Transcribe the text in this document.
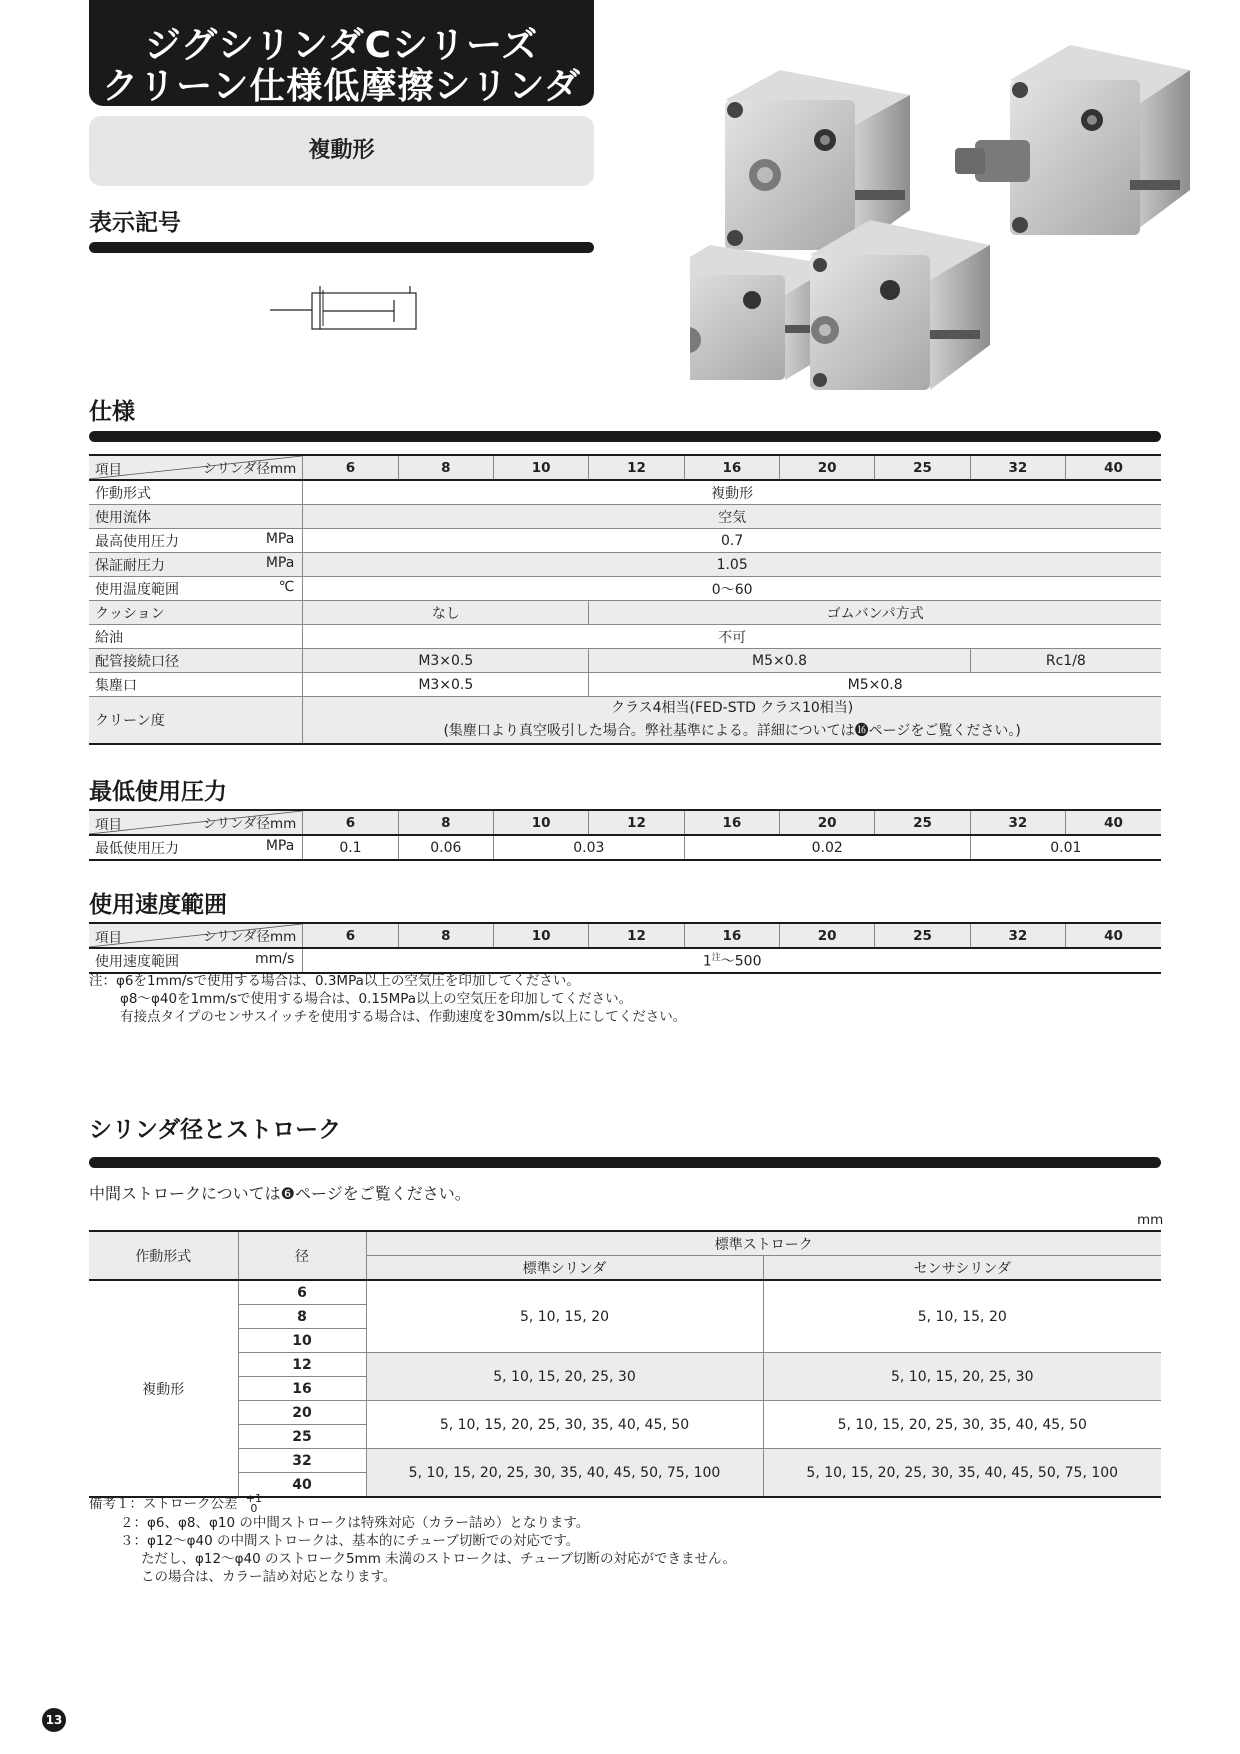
ジグシリンダCシリーズ
クリーン仕様低摩擦シリンダ
複動形
表示記号
仕様
項目 シリンダ径mm	6	8	10	12	16	20	25	32	40
作動形式	複動形								
使用流体	空気								
最高使用圧力 MPa	0.7								
保証耐圧力 MPa	1.05								
使用温度範囲 ℃	0〜60								
クッション	なし			ゴムバンパ方式					
給油	不可								
配管接続口径	M3×0.5			M5×0.8				Rc1/8	
集塵口	M3×0.5			M5×0.8					
クリーン度	クラス4相当(FED-STD クラス10相当)
(集塵口より真空吸引した場合。弊社基準による。詳細については⓰ページをご覧ください。)								
最低使用圧力
項目 シリンダ径mm	6	8	10	12	16	20	25	32	40
最低使用圧力 MPa	0.1	0.06	0.03		0.02			0.01	
使用速度範囲
項目 シリンダ径mm	6	8	10	12	16	20	25	32	40
使用速度範囲 mm/s	$1^注$〜500								
注：φ6を1mm/sで使用する場合は、0.3MPa以上の空気圧を印加してください。
φ8〜φ40を1mm/sで使用する場合は、0.15MPa以上の空気圧を印加してください。
有接点タイプのセンサスイッチを使用する場合は、作動速度を30mm/s以上にしてください。
シリンダ径とストローク
中間ストロークについては❻ページをご覧ください。
mm
作動形式	径	標準ストローク	
		標準シリンダ	センサシリンダ
複動形	6	5, 10, 15, 20	5, 10, 15, 20
	8		
	10		
	12	5, 10, 15, 20, 25, 30	5, 10, 15, 20, 25, 30
	16		
	20	5, 10, 15, 20, 25, 30, 35, 40, 45, 50	5, 10, 15, 20, 25, 30, 35, 40, 45, 50
	25		
	32	5, 10, 15, 20, 25, 30, 35, 40, 45, 50, 75, 100	5, 10, 15, 20, 25, 30, 35, 40, 45, 50, 75, 100
	40		
備考１：ストローク公差 +1
0
２：φ6、φ8、φ10 の中間ストロークは特殊対応（カラー詰め）となります。
３：φ12〜φ40 の中間ストロークは、基本的にチューブ切断での対応です。
ただし、φ12〜φ40 のストローク5mm 未満のストロークは、チューブ切断の対応ができません。
この場合は、カラー詰め対応となります。
13
